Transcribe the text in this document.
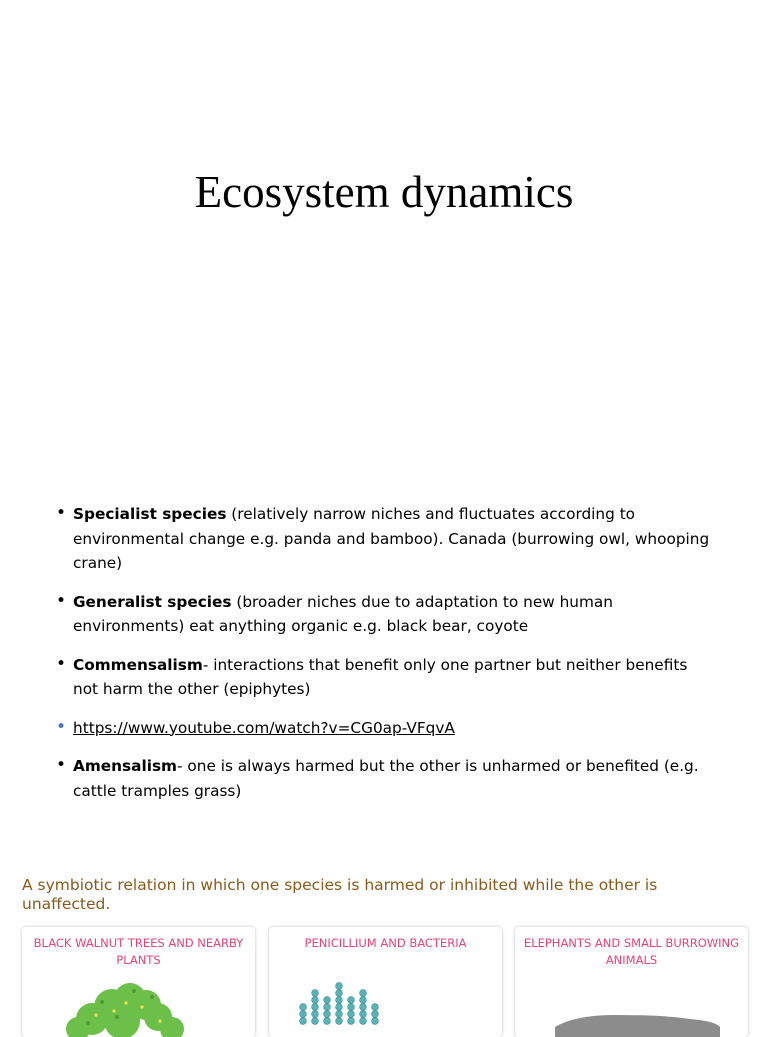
Ecosystem dynamics
• Specialist species (relatively narrow niches and fluctuates according to environmental change e.g. panda and bamboo). Canada (burrowing owl, whooping crane)
• Generalist species (broader niches due to adaptation to new human environments) eat anything organic e.g. black bear, coyote
• Commensalism- interactions that benefit only one partner but neither benefits not harm the other (epiphytes)
• https://www.youtube.com/watch?v=CG0ap-VFqvA
• Amensalism- one is always harmed but the other is unharmed or benefited (e.g. cattle tramples grass)
A symbiotic relation in which one species is harmed or inhibited while the other is unaffected.
BLACK WALNUT TREES AND NEARBY PLANTS
PENICILLIUM AND BACTERIA	ELEPHANTS AND SMALL BURROWING ANIMALS
